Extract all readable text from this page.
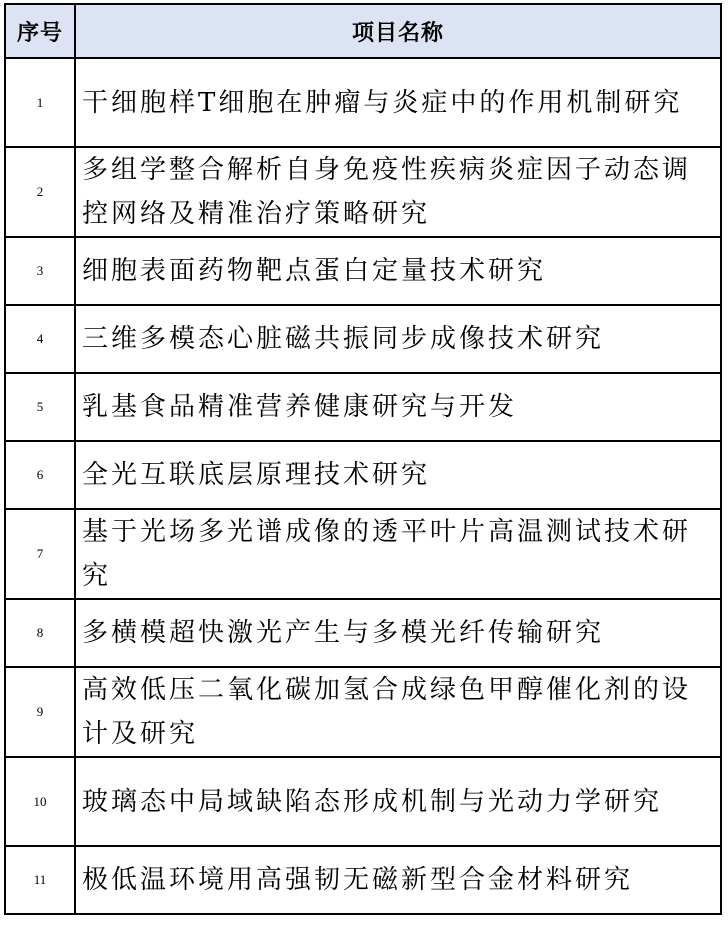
序号	项目名称
1	干细胞样T细胞在肿瘤与炎症中的作用机制研究
2	多组学整合解析自身免疫性疾病炎症因子动态调控网络及精准治疗策略研究
3	细胞表面药物靶点蛋白定量技术研究
4	三维多模态心脏磁共振同步成像技术研究
5	乳基食品精准营养健康研究与开发
6	全光互联底层原理技术研究
7	基于光场多光谱成像的透平叶片高温测试技术研究
8	多横模超快激光产生与多模光纤传输研究
9	高效低压二氧化碳加氢合成绿色甲醇催化剂的设计及研究
10	玻璃态中局域缺陷态形成机制与光动力学研究
11	极低温环境用高强韧无磁新型合金材料研究
